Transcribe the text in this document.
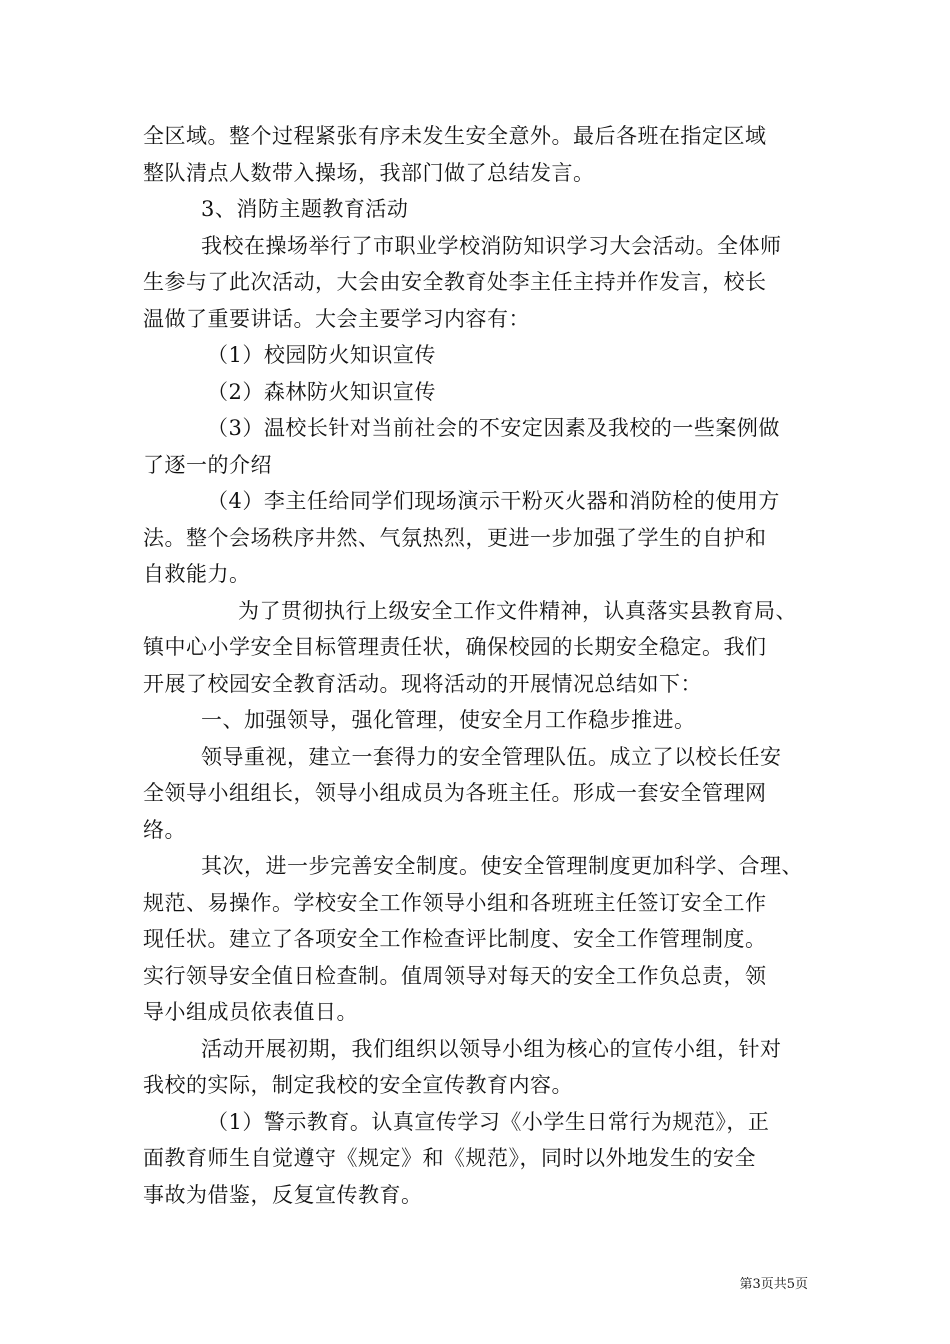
全区域。整个过程紧张有序未发生安全意外。最后各班在指定区域
整队清点人数带入操场，我部门做了总结发言。
3、消防主题教育活动
我校在操场举行了市职业学校消防知识学习大会活动。全体师
生参与了此次活动，大会由安全教育处李主任主持并作发言，校长
温做了重要讲话。大会主要学习内容有：
（1）校园防火知识宣传
（2）森林防火知识宣传
（3）温校长针对当前社会的不安定因素及我校的一些案例做
了逐一的介绍
（4）李主任给同学们现场演示干粉灭火器和消防栓的使用方
法。整个会场秩序井然、气氛热烈，更进一步加强了学生的自护和
自救能力。
为了贯彻执行上级安全工作文件精神，认真落实县教育局、
镇中心小学安全目标管理责任状，确保校园的长期安全稳定。我们
开展了校园安全教育活动。现将活动的开展情况总结如下：
一、加强领导，强化管理，使安全月工作稳步推进。
领导重视，建立一套得力的安全管理队伍。成立了以校长任安
全领导小组组长，领导小组成员为各班主任。形成一套安全管理网
络。
其次，进一步完善安全制度。使安全管理制度更加科学、合理、
规范、易操作。学校安全工作领导小组和各班班主任签订安全工作
现任状。建立了各项安全工作检查评比制度、安全工作管理制度。
实行领导安全值日检查制。值周领导对每天的安全工作负总责，领
导小组成员依表值日。
活动开展初期，我们组织以领导小组为核心的宣传小组，针对
我校的实际，制定我校的安全宣传教育内容。
（1）警示教育。认真宣传学习《小学生日常行为规范》，正
面教育师生自觉遵守《规定》和《规范》，同时以外地发生的安全
事故为借鉴，反复宣传教育。
第3页共5页
